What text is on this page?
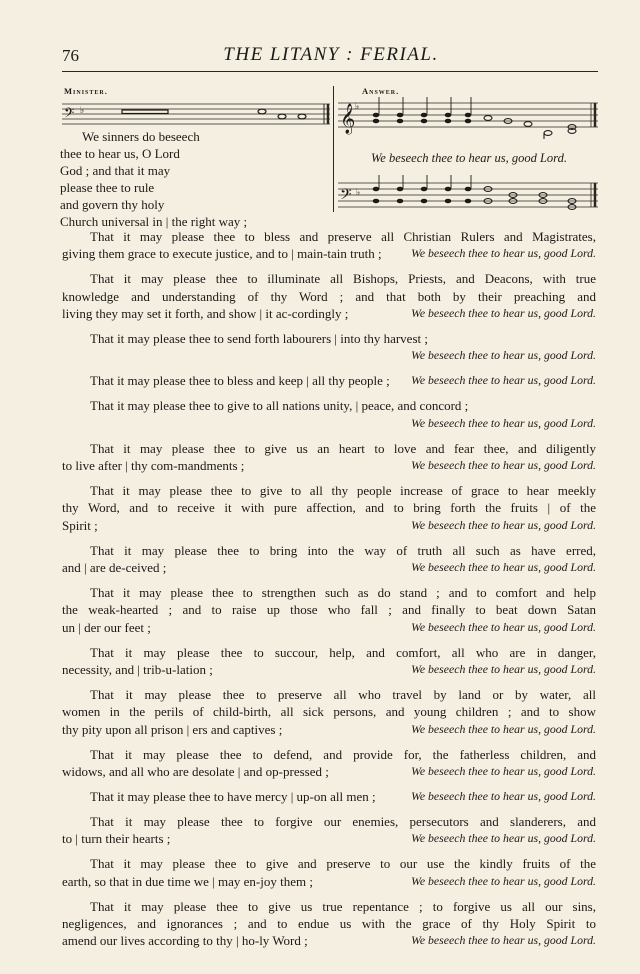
76	THE LITANY : FERIAL.
Minister.	Answer.
𝄢 ♭	𝄞 ♭
We beseech thee to hear us, good Lord.
𝄢 ♭
We sinners do beseech
thee to hear us, O Lord
God ; and that it may
please thee to rule
and govern thy holy
Church universal in | the right way ;
That it may please thee to bless and preserve all Christian Rulers and Magistrates,
giving them grace to execute justice, and to | main-tain truth ;	We beseech thee to hear us, good Lord.
That it may please thee to illuminate all Bishops, Priests, and Deacons, with true
knowledge and understanding of thy Word ; and that both by their preaching and
living they may set it forth, and show | it ac-cordingly ;	We beseech thee to hear us, good Lord.
That it may please thee to send forth labourers | into thy harvest ;
We beseech thee to hear us, good Lord.
That it may please thee to bless and keep | all thy people ; We beseech thee to hear us, good Lord.
That it may please thee to give to all nations unity, | peace, and concord ;
We beseech thee to hear us, good Lord.
That it may please thee to give us an heart to love and fear thee, and diligently
to live after | thy com-mandments ;	We beseech thee to hear us, good Lord.
That it may please thee to give to all thy people increase of grace to hear meekly
thy Word, and to receive it with pure affection, and to bring forth the fruits | of the
Spirit ;	We beseech thee to hear us, good Lord.
That it may please thee to bring into the way of truth all such as have erred,
and | are de-ceived ;	We beseech thee to hear us, good Lord.
That it may please thee to strengthen such as do stand ; and to comfort and help
the weak-hearted ; and to raise up those who fall ; and finally to beat down Satan
un | der our feet ;	We beseech thee to hear us, good Lord.
That it may please thee to succour, help, and comfort, all who are in danger,
necessity, and | trib-u-lation ;	We beseech thee to hear us, good Lord.
That it may please thee to preserve all who travel by land or by water, all
women in the perils of child-birth, all sick persons, and young children ; and to show
thy pity upon all prison | ers and captives ;	We beseech thee to hear us, good Lord.
That it may please thee to defend, and provide for, the fatherless children, and
widows, and all who are desolate | and op-pressed ;	We beseech thee to hear us, good Lord.
That it may please thee to have mercy | up-on all men ;	We beseech thee to hear us, good Lord.
That it may please thee to forgive our enemies, persecutors and slanderers, and
to | turn their hearts ;	We beseech thee to hear us, good Lord.
That it may please thee to give and preserve to our use the kindly fruits of the
earth, so that in due time we | may en-joy them ;	We beseech thee to hear us, good Lord.
That it may please thee to give us true repentance ; to forgive us all our sins,
negligences, and ignorances ; and to endue us with the grace of thy Holy Spirit to
amend our lives according to thy | ho-ly Word ;	We beseech thee to hear us, good Lord.
